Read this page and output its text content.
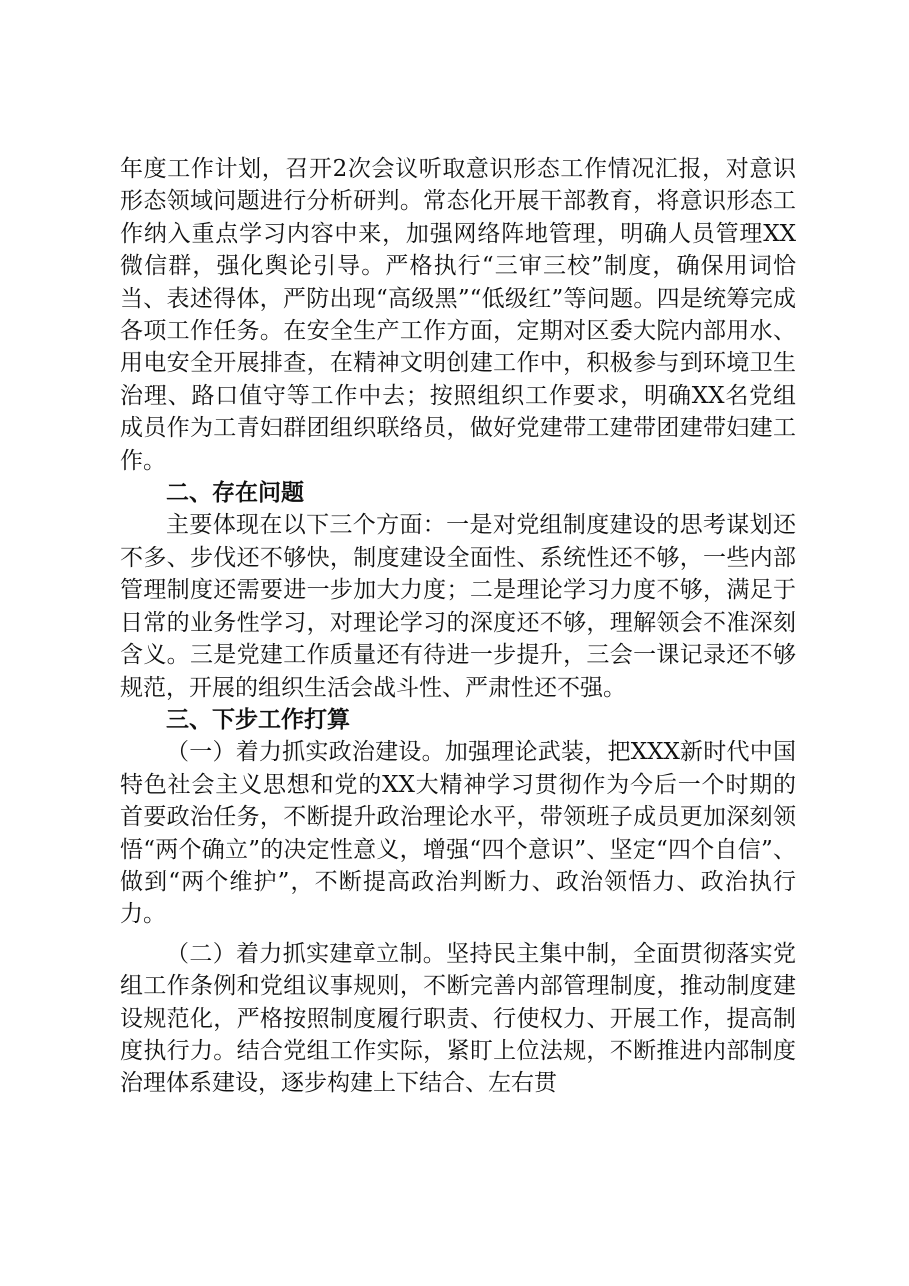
年度工作计划，召开2次会议听取意识形态工作情况汇报，对意识形态领域问题进行分析研判。常态化开展干部教育，将意识形态工作纳入重点学习内容中来，加强网络阵地管理，明确人员管理XX微信群，强化舆论引导。严格执行“三审三校”制度，确保用词恰当、表述得体，严防出现“高级黑”“低级红”等问题。四是统筹完成各项工作任务。在安全生产工作方面，定期对区委大院内部用水、用电安全开展排查，在精神文明创建工作中，积极参与到环境卫生治理、路口值守等工作中去；按照组织工作要求，明确XX名党组成员作为工青妇群团组织联络员，做好党建带工建带团建带妇建工作。

二、存在问题

主要体现在以下三个方面：一是对党组制度建设的思考谋划还不多、步伐还不够快，制度建设全面性、系统性还不够，一些内部管理制度还需要进一步加大力度；二是理论学习力度不够，满足于日常的业务性学习，对理论学习的深度还不够，理解领会不准深刻含义。三是党建工作质量还有待进一步提升，三会一课记录还不够规范，开展的组织生活会战斗性、严肃性还不强。

三、下步工作打算

（一）着力抓实政治建设。加强理论武装，把XXX新时代中国特色社会主义思想和党的XX大精神学习贯彻作为今后一个时期的首要政治任务，不断提升政治理论水平，带领班子成员更加深刻领悟“两个确立”的决定性意义，增强“四个意识”、坚定“四个自信”、做到“两个维护”，不断提高政治判断力、政治领悟力、政治执行力。

（二）着力抓实建章立制。坚持民主集中制，全面贯彻落实党组工作条例和党组议事规则，不断完善内部管理制度，推动制度建设规范化，严格按照制度履行职责、行使权力、开展工作，提高制度执行力。结合党组工作实际，紧盯上位法规，不断推进内部制度治理体系建设，逐步构建上下结合、左右贯
